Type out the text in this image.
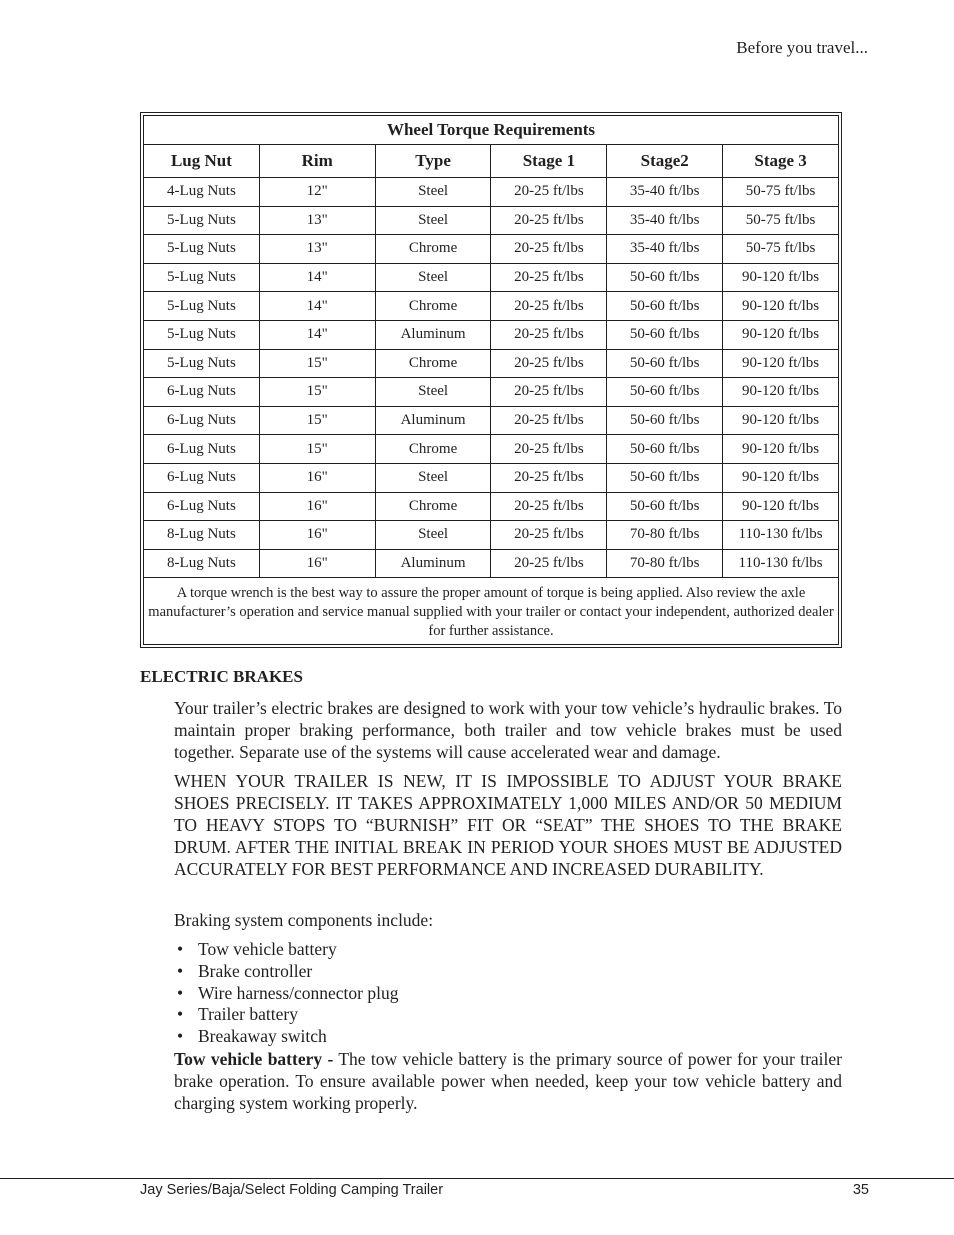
Before you travel...
Wheel Torque Requirements					
Lug Nut	Rim	Type	Stage 1	Stage2	Stage 3
4-Lug Nuts	12"	Steel	20-25 ft/lbs	35-40 ft/lbs	50-75 ft/lbs
5-Lug Nuts	13"	Steel	20-25 ft/lbs	35-40 ft/lbs	50-75 ft/lbs
5-Lug Nuts	13"	Chrome	20-25 ft/lbs	35-40 ft/lbs	50-75 ft/lbs
5-Lug Nuts	14"	Steel	20-25 ft/lbs	50-60 ft/lbs	90-120 ft/lbs
5-Lug Nuts	14"	Chrome	20-25 ft/lbs	50-60 ft/lbs	90-120 ft/lbs
5-Lug Nuts	14"	Aluminum	20-25 ft/lbs	50-60 ft/lbs	90-120 ft/lbs
5-Lug Nuts	15"	Chrome	20-25 ft/lbs	50-60 ft/lbs	90-120 ft/lbs
6-Lug Nuts	15"	Steel	20-25 ft/lbs	50-60 ft/lbs	90-120 ft/lbs
6-Lug Nuts	15"	Aluminum	20-25 ft/lbs	50-60 ft/lbs	90-120 ft/lbs
6-Lug Nuts	15"	Chrome	20-25 ft/lbs	50-60 ft/lbs	90-120 ft/lbs
6-Lug Nuts	16"	Steel	20-25 ft/lbs	50-60 ft/lbs	90-120 ft/lbs
6-Lug Nuts	16"	Chrome	20-25 ft/lbs	50-60 ft/lbs	90-120 ft/lbs
8-Lug Nuts	16"	Steel	20-25 ft/lbs	70-80 ft/lbs	110-130 ft/lbs
8-Lug Nuts	16"	Aluminum	20-25 ft/lbs	70-80 ft/lbs	110-130 ft/lbs
A torque wrench is the best way to assure the proper amount of torque is being applied. Also review the axle manufacturer’s operation and service manual supplied with your trailer or contact your independent, authorized dealer for further assistance.					
ELECTRIC BRAKES
Your trailer’s electric brakes are designed to work with your tow vehicle’s hydraulic brakes. To maintain proper braking performance, both trailer and tow vehicle brakes must be used together. Separate use of the systems will cause accelerated wear and damage.
WHEN YOUR TRAILER IS NEW, IT IS IMPOSSIBLE TO ADJUST YOUR BRAKE SHOES PRECISELY. IT TAKES APPROXIMATELY 1,000 MILES AND/OR 50 MEDIUM TO HEAVY STOPS TO “BURNISH” FIT OR “SEAT” THE SHOES TO THE BRAKE DRUM. AFTER THE INITIAL BREAK IN PERIOD YOUR SHOES MUST BE ADJUSTED ACCURATELY FOR BEST PERFORMANCE AND INCREASED DURABILITY.
Braking system components include:
• Tow vehicle battery
• Brake controller
• Wire harness/connector plug
• Trailer battery
• Breakaway switch
Tow vehicle battery - The tow vehicle battery is the primary source of power for your trailer brake operation. To ensure available power when needed, keep your tow vehicle battery and charging system working properly.
Jay Series/Baja/Select Folding Camping Trailer	35
